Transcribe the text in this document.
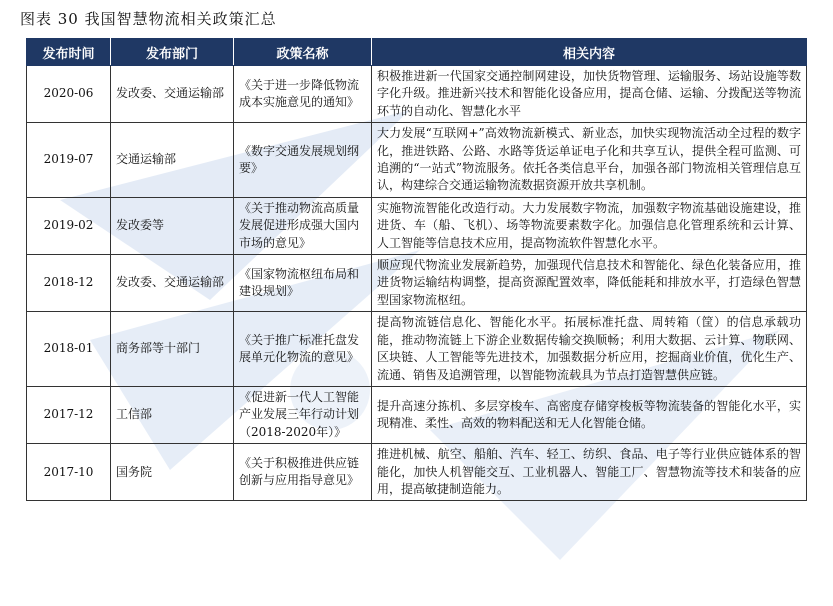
图表 30 我国智慧物流相关政策汇总
发布时间	发布部门	政策名称	相关内容
2020-06	发改委、交通运输部	《关于进一步降低物流成本实施意见的通知》	积极推进新一代国家交通控制网建设，加快货物管理、运输服务、场站设施等数字化升级。推进新兴技术和智能化设备应用，提高仓储、运输、分拨配送等物流环节的自动化、智慧化水平
2019-07	交通运输部	《数字交通发展规划纲要》	大力发展“互联网+”高效物流新模式、新业态，加快实现物流活动全过程的数字化，推进铁路、公路、水路等货运单证电子化和共享互认，提供全程可监测、可追溯的“一站式”物流服务。依托各类信息平台，加强各部门物流相关管理信息互认，构建综合交通运输物流数据资源开放共享机制。
2019-02	发改委等	《关于推动物流高质量发展促进形成强大国内市场的意见》	实施物流智能化改造行动。大力发展数字物流，加强数字物流基础设施建设，推进货、车（船、飞机）、场等物流要素数字化。加强信息化管理系统和云计算、人工智能等信息技术应用，提高物流软件智慧化水平。
2018-12	发改委、交通运输部	《国家物流枢纽布局和建设规划》	顺应现代物流业发展新趋势，加强现代信息技术和智能化、绿色化装备应用，推进货物运输结构调整，提高资源配置效率，降低能耗和排放水平，打造绿色智慧型国家物流枢纽。
2018-01	商务部等十部门	《关于推广标准托盘发展单元化物流的意见》	提高物流链信息化、智能化水平。拓展标准托盘、周转箱（筐）的信息承载功能，推动物流链上下游企业数据传输交换顺畅；利用大数据、云计算、物联网、区块链、人工智能等先进技术，加强数据分析应用，挖掘商业价值，优化生产、流通、销售及追溯管理，以智能物流载具为节点打造智慧供应链。
2017-12	工信部	《促进新一代人工智能产业发展三年行动计划（2018-2020年）》	提升高速分拣机、多层穿梭车、高密度存储穿梭板等物流装备的智能化水平，实现精准、柔性、高效的物料配送和无人化智能仓储。
2017-10	国务院	《关于积极推进供应链创新与应用指导意见》	推进机械、航空、船舶、汽车、轻工、纺织、食品、电子等行业供应链体系的智能化，加快人机智能交互、工业机器人、智能工厂、智慧物流等技术和装备的应用，提高敏捷制造能力。
